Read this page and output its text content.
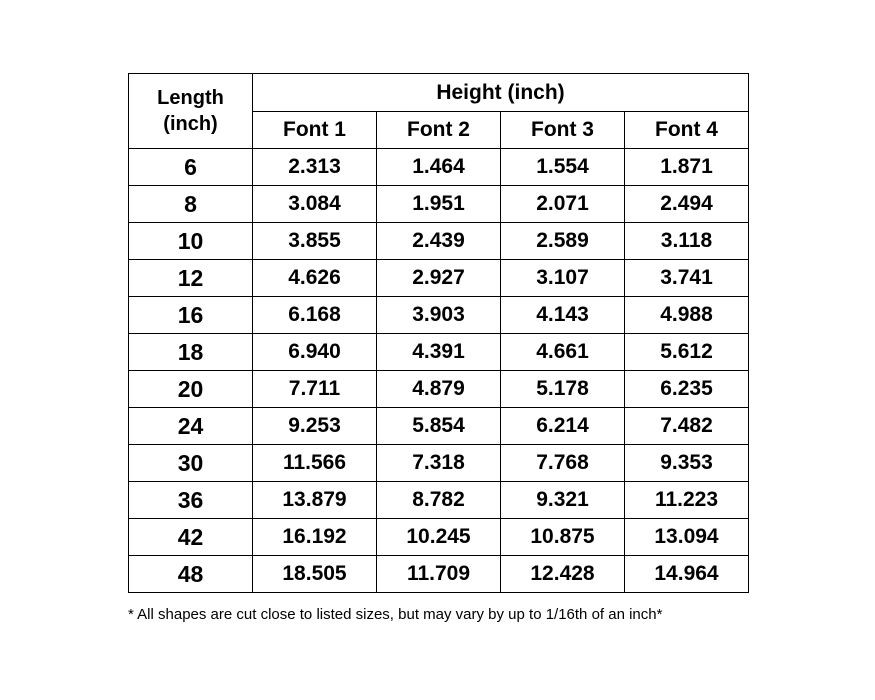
Length
(inch)	Height (inch)			
	Font 1	Font 2	Font 3	Font 4
6	2.313	1.464	1.554	1.871
8	3.084	1.951	2.071	2.494
10	3.855	2.439	2.589	3.118
12	4.626	2.927	3.107	3.741
16	6.168	3.903	4.143	4.988
18	6.940	4.391	4.661	5.612
20	7.711	4.879	5.178	6.235
24	9.253	5.854	6.214	7.482
30	11.566	7.318	7.768	9.353
36	13.879	8.782	9.321	11.223
42	16.192	10.245	10.875	13.094
48	18.505	11.709	12.428	14.964
* All shapes are cut close to listed sizes, but may vary by up to 1/16th of an inch*
